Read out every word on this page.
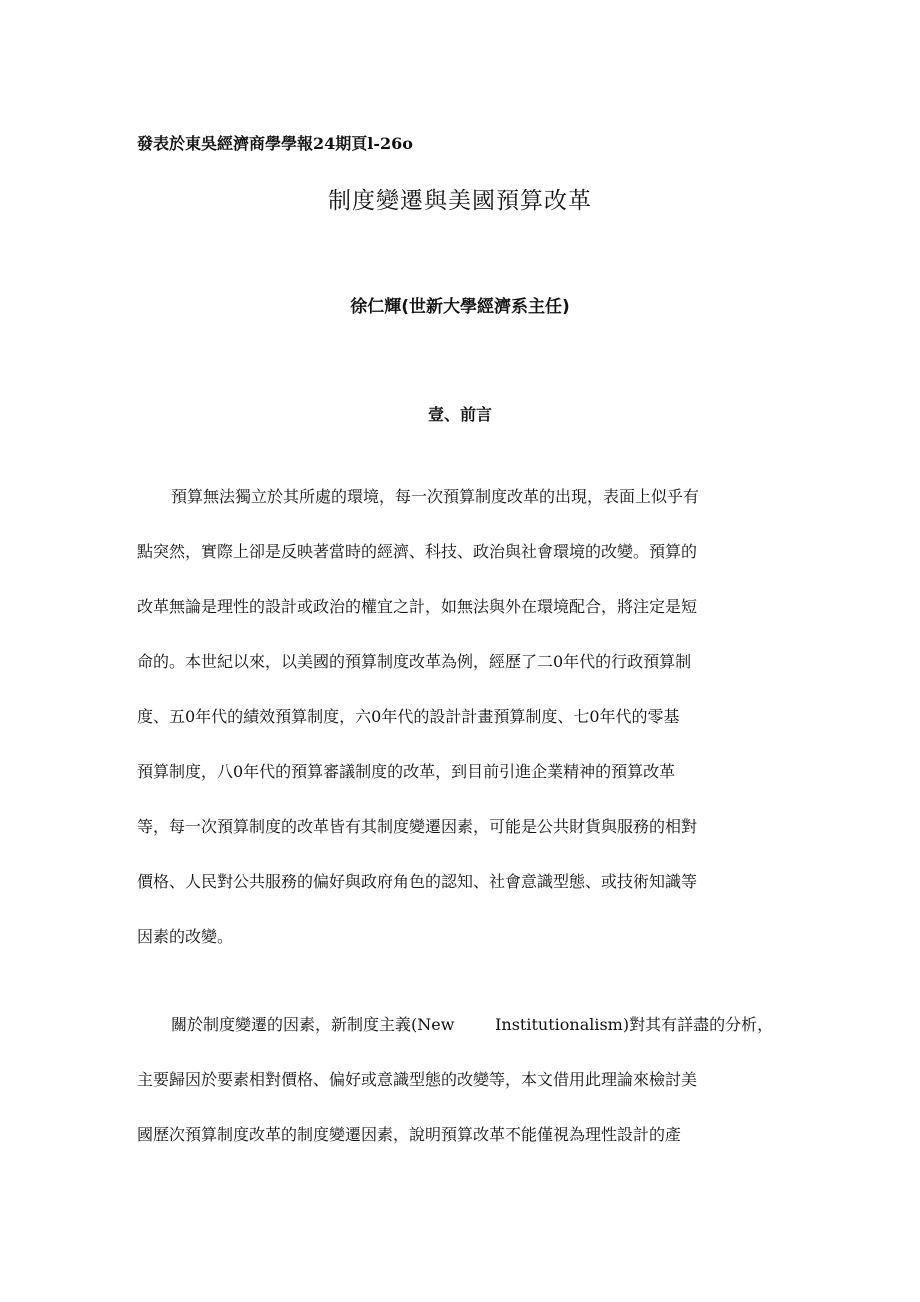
發表於東吳經濟商學學報24期頁l-26o
制度變遷與美國預算改革
徐仁輝(世新大學經濟系主任)
壹、前言
預算無法獨立於其所處的環境，每一次預算制度改革的出現，表面上似乎有
點突然，實際上卻是反映著當時的經濟、科技、政治與社會環境的改變。預算的
改革無論是理性的設計或政治的權宜之計，如無法與外在環境配合，將注定是短
命的。本世紀以來，以美國的預算制度改革為例，經歷了二0年代的行政預算制
度、五0年代的績效預算制度，六0年代的設計計畫預算制度、七0年代的零基
預算制度，八0年代的預算審議制度的改革，到目前引進企業精神的預算改革
等，每一次預算制度的改革皆有其制度變遷因素，可能是公共財貨與服務的相對
價格、人民對公共服務的偏好與政府角色的認知、社會意識型態、或技術知識等
因素的改變。
關於制度變遷的因素，新制度主義(New        Institutionalism)對其有詳盡的分析，
主要歸因於要素相對價格、偏好或意識型態的改變等，本文借用此理論來檢討美
國歷次預算制度改革的制度變遷因素，說明預算改革不能僅視為理性設計的產
